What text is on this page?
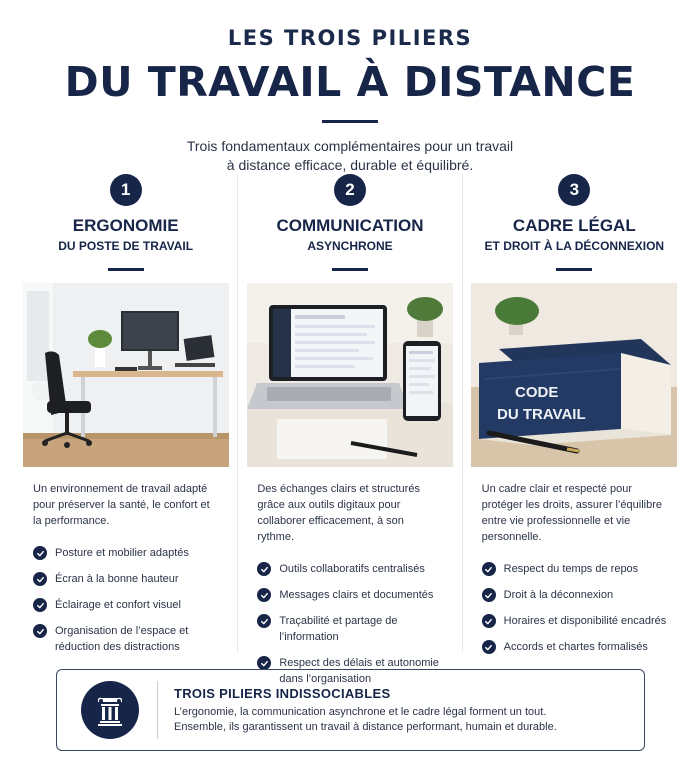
LES TROIS PILIERS
DU TRAVAIL À DISTANCE
Trois fondamentaux complémentaires pour un travail
à distance efficace, durable et équilibré.
1
ERGONOMIE
DU POSTE DE TRAVAIL
Un environnement de travail adapté pour préserver la santé, le confort et la performance.
Posture et mobilier adaptés
Écran à la bonne hauteur
Éclairage et confort visuel
Organisation de l’espace et réduction des distractions
2
COMMUNICATION
ASYNCHRONE
Des échanges clairs et structurés grâce aux outils digitaux pour collaborer efficacement, à son rythme.
Outils collaboratifs centralisés
Messages clairs et documentés
Traçabilité et partage de l’information
Respect des délais et autonomie dans l’organisation
3
CADRE LÉGAL
ET DROIT À LA DÉCONNEXION
CODE
DU TRAVAIL
Un cadre clair et respecté pour protéger les droits, assurer l’équilibre entre vie professionnelle et vie personnelle.
Respect du temps de repos
Droit à la déconnexion
Horaires et disponibilité encadrés
Accords et chartes formalisés
TROIS PILIERS INDISSOCIABLES
L’ergonomie, la communication asynchrone et le cadre légal forment un tout.
Ensemble, ils garantissent un travail à distance performant, humain et durable.
